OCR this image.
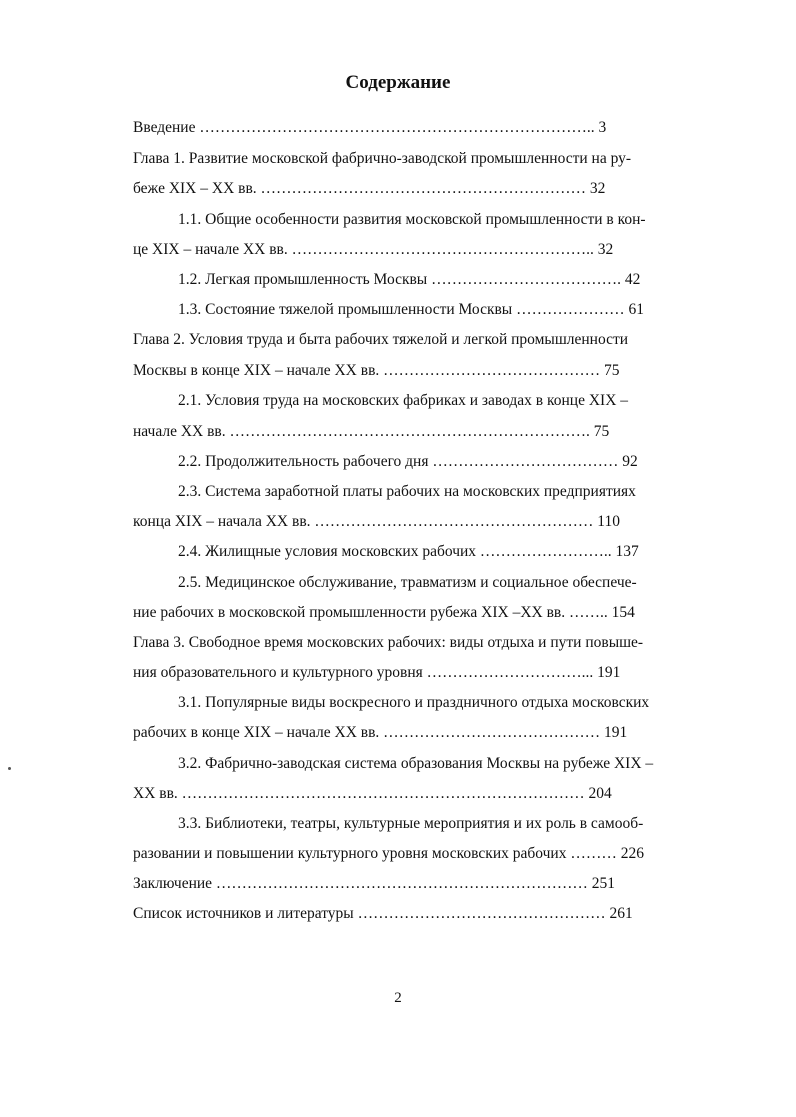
Содержание
Введение ………………………………………………………………….. 3
Глава 1. Развитие московской фабрично-заводской промышленности на ру-
беже XIX – XX вв. ……………………………………………………… 32
1.1. Общие особенности развития московской промышленности в кон-
це XIX – начале XX вв. ………………………………………………….. 32
1.2. Легкая промышленность Москвы ………………………………. 42
1.3. Состояние тяжелой промышленности Москвы ………………… 61
Глава 2. Условия труда и быта рабочих тяжелой и легкой промышленности
Москвы в конце XIX – начале XX вв. …………………………………… 75
2.1. Условия труда на московских фабриках и заводах в конце XIX –
начале XX вв. ……………………………………………………………. 75
2.2. Продолжительность рабочего дня ……………………………… 92
2.3. Система заработной платы рабочих на московских предприятиях
конца XIX – начала XX вв. ……………………………………………… 110
2.4. Жилищные условия московских рабочих …………………….. 137
2.5. Медицинское обслуживание, травматизм и социальное обеспече-
ние рабочих в московской промышленности рубежа XIX –XX вв. …….. 154
Глава 3. Свободное время московских рабочих: виды отдыха и пути повыше-
ния образовательного и культурного уровня …………………………... 191
3.1. Популярные виды воскресного и праздничного отдыха московских
рабочих в конце XIX – начале XX вв. …………………………………… 191
3.2. Фабрично-заводская система образования Москвы на рубеже XIX –
XX вв. …………………………………………………………………… 204
3.3. Библиотеки, театры, культурные мероприятия и их роль в самооб-
разовании и повышении культурного уровня московских рабочих ……… 226
Заключение ……………………………………………………………… 251
Список источников и литературы ………………………………………… 261
2
